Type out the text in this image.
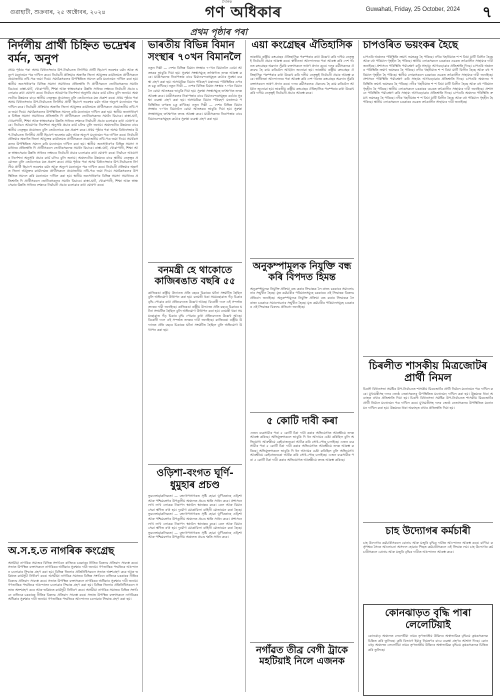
গুৱাহাটী, শুক্ৰবাৰ, ২৫ অক্টোবৰ, ২০২৪
দৈনিক
গণ অধিকাৰ	Guwahati, Friday, 25 October, 2024 ৭
প্ৰথম পৃষ্ঠাৰ পৰা
নিৰ্দলীয় প্ৰাৰ্থী চিহ্নিত ভদ্ৰেশ্বৰ বৰ্মন, অনুপ
প্ৰথম পৃষ্ঠাৰ পৰা অসম বিধানসভাৰ উপ-নিৰ্বাচনত নিৰ্দলীয় প্ৰাৰ্থী হিচাপে ভদ্ৰেশ্বৰ বৰ্মন আৰু অনুপে মনোনয়ন পত্ৰ দাখিল কৰে। নিৰ্বাচনী প্ৰক্ৰিয়াৰ অন্তৰ্গত জিলা আয়ুক্তৰ কাৰ্যালয়ত প্ৰাৰ্থীসকলে প্ৰয়োজনীয় নথি-পত্ৰ জমা দিয়ে। সমৰ্থকসকলৰ উপস্থিতিত সমদল কৰি মনোনয়ন দাখিল কৰা হয়। স্থানীয় জনসাধাৰণৰ বিভিন্ন সমস্যা সমাধানৰ প্ৰতিশ্ৰুতি দি প্ৰাৰ্থীসকলে ভোটাৰসকলৰ সমৰ্থন বিচাৰে। ৰাস্তা-ঘাট, খোৱাপানী, শিক্ষা আৰু স্বাস্থ্যসেৱাৰ উন্নতি সাধনৰ লক্ষ্যৰে নিৰ্বাচনী প্ৰচাৰ চলোৱাৰ কথা ঘোষণা কৰে। নিৰ্বাচন আয়োগৰ নিৰ্দেশনা অনুসৰি প্ৰচাৰ কাৰ্য চলিব বুলি জনায়। অঞ্চলটোৰ উন্নয়নৰ বাবে স্থানীয় নেতৃত্বৰ প্ৰয়োজন বুলি তেওঁলোকে মত প্ৰকাশ কৰে। প্ৰথম পৃষ্ঠাৰ পৰা অসম বিধানসভাৰ উপ-নিৰ্বাচনত নিৰ্দলীয় প্ৰাৰ্থী হিচাপে ভদ্ৰেশ্বৰ বৰ্মন আৰু অনুপে মনোনয়ন পত্ৰ দাখিল কৰে। নিৰ্বাচনী প্ৰক্ৰিয়াৰ অন্তৰ্গত জিলা আয়ুক্তৰ কাৰ্যালয়ত প্ৰাৰ্থীসকলে প্ৰয়োজনীয় নথি-পত্ৰ জমা দিয়ে। সমৰ্থকসকলৰ উপস্থিতিত সমদল কৰি মনোনয়ন দাখিল কৰা হয়। স্থানীয় জনসাধাৰণৰ বিভিন্ন সমস্যা সমাধানৰ প্ৰতিশ্ৰুতি দি প্ৰাৰ্থীসকলে ভোটাৰসকলৰ সমৰ্থন বিচাৰে। ৰাস্তা-ঘাট, খোৱাপানী, শিক্ষা আৰু স্বাস্থ্যসেৱাৰ উন্নতি সাধনৰ লক্ষ্যৰে নিৰ্বাচনী প্ৰচাৰ চলোৱাৰ কথা ঘোষণা কৰে। নিৰ্বাচন আয়োগৰ নিৰ্দেশনা অনুসৰি প্ৰচাৰ কাৰ্য চলিব বুলি জনায়। অঞ্চলটোৰ উন্নয়নৰ বাবে স্থানীয় নেতৃত্বৰ প্ৰয়োজন বুলি তেওঁলোকে মত প্ৰকাশ কৰে। প্ৰথম পৃষ্ঠাৰ পৰা অসম বিধানসভাৰ উপ-নিৰ্বাচনত নিৰ্দলীয় প্ৰাৰ্থী হিচাপে ভদ্ৰেশ্বৰ বৰ্মন আৰু অনুপে মনোনয়ন পত্ৰ দাখিল কৰে। নিৰ্বাচনী প্ৰক্ৰিয়াৰ অন্তৰ্গত জিলা আয়ুক্তৰ কাৰ্যালয়ত প্ৰাৰ্থীসকলে প্ৰয়োজনীয় নথি-পত্ৰ জমা দিয়ে। সমৰ্থকসকলৰ উপস্থিতিত সমদল কৰি মনোনয়ন দাখিল কৰা হয়। স্থানীয় জনসাধাৰণৰ বিভিন্ন সমস্যা সমাধানৰ প্ৰতিশ্ৰুতি দি প্ৰাৰ্থীসকলে ভোটাৰসকলৰ সমৰ্থন বিচাৰে। ৰাস্তা-ঘাট, খোৱাপানী, শিক্ষা আৰু স্বাস্থ্যসেৱাৰ উন্নতি সাধনৰ লক্ষ্যৰে নিৰ্বাচনী প্ৰচাৰ চলোৱাৰ কথা ঘোষণা কৰে। নিৰ্বাচন আয়োগৰ নিৰ্দেশনা অনুসৰি প্ৰচাৰ কাৰ্য চলিব বুলি জনায়। অঞ্চলটোৰ উন্নয়নৰ বাবে স্থানীয় নেতৃত্বৰ প্ৰয়োজন বুলি তেওঁলোকে মত প্ৰকাশ কৰে। প্ৰথম পৃষ্ঠাৰ পৰা অসম বিধানসভাৰ উপ-নিৰ্বাচনত নিৰ্দলীয় প্ৰাৰ্থী হিচাপে ভদ্ৰেশ্বৰ বৰ্মন আৰু অনুপে মনোনয়ন পত্ৰ দাখিল কৰে। নিৰ্বাচনী প্ৰক্ৰিয়াৰ অন্তৰ্গত জিলা আয়ুক্তৰ কাৰ্যালয়ত প্ৰাৰ্থীসকলে প্ৰয়োজনীয় নথি-পত্ৰ জমা দিয়ে। সমৰ্থকসকলৰ উপস্থিতিত সমদল কৰি মনোনয়ন দাখিল কৰা হয়। স্থানীয় জনসাধাৰণৰ বিভিন্ন সমস্যা সমাধানৰ প্ৰতিশ্ৰুতি দি প্ৰাৰ্থীসকলে ভোটাৰসকলৰ সমৰ্থন বিচাৰে। ৰাস্তা-ঘাট, খোৱাপানী, শিক্ষা আৰু স্বাস্থ্যসেৱাৰ উন্নতি সাধনৰ লক্ষ্যৰে নিৰ্বাচনী প্ৰচাৰ চলোৱাৰ কথা ঘোষণা কৰে।
অ.স.হ.ত নাগৰিক কংগ্ৰেছ
অসমীয়া নাগৰিক সমাজৰ বিভিন্ন সংগঠনে ৰাজ্যিক চৰকাৰৰ নীতিৰ বিৰুদ্ধে প্ৰতিবাদ সাব্যস্ত কৰে। সভাত উপস্থিত বক্তাসকলে নাগৰিকৰ অধিকাৰ সুৰক্ষাৰ দাবী জনায়। গণতান্ত্ৰিক পদ্ধতিৰে আন্দোলন চলোৱাৰ সিদ্ধান্ত গ্ৰহণ কৰা হয়। বিভিন্ন জিলাৰ প্ৰতিনিধিসকলে সভাত অংশগ্ৰহণ কৰে আৰু ভৱিষ্যত কাৰ্যসূচী নিৰ্ধাৰণ কৰে। অসমীয়া নাগৰিক সমাজৰ বিভিন্ন সংগঠনে ৰাজ্যিক চৰকাৰৰ নীতিৰ বিৰুদ্ধে প্ৰতিবাদ সাব্যস্ত কৰে। সভাত উপস্থিত বক্তাসকলে নাগৰিকৰ অধিকাৰ সুৰক্ষাৰ দাবী জনায়। গণতান্ত্ৰিক পদ্ধতিৰে আন্দোলন চলোৱাৰ সিদ্ধান্ত গ্ৰহণ কৰা হয়। বিভিন্ন জিলাৰ প্ৰতিনিধিসকলে সভাত অংশগ্ৰহণ কৰে আৰু ভৱিষ্যত কাৰ্যসূচী নিৰ্ধাৰণ কৰে। অসমীয়া নাগৰিক সমাজৰ বিভিন্ন সংগঠনে ৰাজ্যিক চৰকাৰৰ নীতিৰ বিৰুদ্ধে প্ৰতিবাদ সাব্যস্ত কৰে। সভাত উপস্থিত বক্তাসকলে নাগৰিকৰ অধিকাৰ সুৰক্ষাৰ দাবী জনায়। গণতান্ত্ৰিক পদ্ধতিৰে আন্দোলন চলোৱাৰ সিদ্ধান্ত গ্ৰহণ কৰা হয়।
ভাৰতীয় বিভিন্ন বিমান সংস্থাৰ ৭০খন বিমানলৈ
নতুন দিল্লী — দেশৰ বিভিন্ন বিমান সংস্থাৰ ৭০খন বিমানলৈ বোমা আতংকৰ ভাবুকি দিয়া হয়। সুৰক্ষা সংস্থাসমূহে তৎক্ষণাত তদন্ত আৰম্ভ কৰে। যাত্ৰীসকলৰ নিৰাপত্তাৰ বাবে বিমানবন্দৰসমূহত কঠোৰ সুৰক্ষা ব্যৱস্থা গ্ৰহণ কৰা হয়। অসামৰিক বিমান পৰিবহণ মন্ত্ৰালয়ে পৰিস্থিতিৰ ওপৰত চকু ৰাখিছে। নতুন দিল্লী — দেশৰ বিভিন্ন বিমান সংস্থাৰ ৭০খন বিমানলৈ বোমা আতংকৰ ভাবুকি দিয়া হয়। সুৰক্ষা সংস্থাসমূহে তৎক্ষণাত তদন্ত আৰম্ভ কৰে। যাত্ৰীসকলৰ নিৰাপত্তাৰ বাবে বিমানবন্দৰসমূহত কঠোৰ সুৰক্ষা ব্যৱস্থা গ্ৰহণ কৰা হয়। অসামৰিক বিমান পৰিবহণ মন্ত্ৰালয়ে পৰিস্থিতিৰ ওপৰত চকু ৰাখিছে। নতুন দিল্লী — দেশৰ বিভিন্ন বিমান সংস্থাৰ ৭০খন বিমানলৈ বোমা আতংকৰ ভাবুকি দিয়া হয়। সুৰক্ষা সংস্থাসমূহে তৎক্ষণাত তদন্ত আৰম্ভ কৰে। যাত্ৰীসকলৰ নিৰাপত্তাৰ বাবে বিমানবন্দৰসমূহত কঠোৰ সুৰক্ষা ব্যৱস্থা গ্ৰহণ কৰা হয়।
বনমন্ত্ৰী হে থাকোতে কাজিৰঙাত বছৰি ৫৫
কাজিৰঙা ৰাষ্ট্ৰীয় উদ্যানত প্ৰতি বছৰে চিকাৰৰ ঘটনা সংঘটিত হৈছিল বুলি অভিযোগ উত্থাপন কৰা হয়। বনমন্ত্ৰী থকা সময়ছোৱাত গঁড় চিকাৰ বৃদ্ধি পোৱাৰ কথা প্ৰতিবেদনত উল্লেখ আছে। বিৰোধী দলে এই সন্দৰ্ভত তদন্তৰ দাবী জনাইছে। কাজিৰঙা ৰাষ্ট্ৰীয় উদ্যানত প্ৰতি বছৰে চিকাৰৰ ঘটনা সংঘটিত হৈছিল বুলি অভিযোগ উত্থাপন কৰা হয়। বনমন্ত্ৰী থকা সময়ছোৱাত গঁড় চিকাৰ বৃদ্ধি পোৱাৰ কথা প্ৰতিবেদনত উল্লেখ আছে। বিৰোধী দলে এই সন্দৰ্ভত তদন্তৰ দাবী জনাইছে। কাজিৰঙা ৰাষ্ট্ৰীয় উদ্যানত প্ৰতি বছৰে চিকাৰৰ ঘটনা সংঘটিত হৈছিল বুলি অভিযোগ উত্থাপন কৰা হয়।
ওড়িশা-বংগত ঘূৰ্ণি-ধুমুহাৰ প্ৰচণ্ড
ভুবনেশ্বৰ/কলিকতা — বংগোপসাগৰত সৃষ্টি হোৱা ঘূৰ্ণিবতাহে ওড়িশা আৰু পশ্চিমবংগৰ উপকূলীয় অঞ্চলত প্ৰচণ্ড ক্ষতি সাধন কৰে। প্ৰশাসনে লাখ লাখ লোকক নিৰাপদ স্থানলৈ স্থানান্তৰ কৰে। ৰেল আৰু বিমান সেৱা স্থগিত ৰখা হয়। দুৰ্যোগ মোকাবিলা বাহিনী মোতায়েন কৰা হৈছে। ভুবনেশ্বৰ/কলিকতা — বংগোপসাগৰত সৃষ্টি হোৱা ঘূৰ্ণিবতাহে ওড়িশা আৰু পশ্চিমবংগৰ উপকূলীয় অঞ্চলত প্ৰচণ্ড ক্ষতি সাধন কৰে। প্ৰশাসনে লাখ লাখ লোকক নিৰাপদ স্থানলৈ স্থানান্তৰ কৰে। ৰেল আৰু বিমান সেৱা স্থগিত ৰখা হয়। দুৰ্যোগ মোকাবিলা বাহিনী মোতায়েন কৰা হৈছে। ভুবনেশ্বৰ/কলিকতা — বংগোপসাগৰত সৃষ্টি হোৱা ঘূৰ্ণিবতাহে ওড়িশা আৰু পশ্চিমবংগৰ উপকূলীয় অঞ্চলত প্ৰচণ্ড ক্ষতি সাধন কৰে।
এয়া কংগ্ৰেছৰ ঐতিহাসিক
ভাৰতীয় ৰাষ্ট্ৰীয় কংগ্ৰেছৰ ঐতিহাসিক পৰম্পৰাৰ কথা উল্লেখ কৰি দলীয় নেতৃত্বই নিৰ্বাচনী প্ৰচাৰ আৰম্ভ কৰে। স্বাধীনতা আন্দোলনৰ পৰা আৰম্ভ কৰি দেশ গঠনত কংগ্ৰেছৰ অৱদান সুঁৱৰি বক্তাসকলে ভাষণ প্ৰদান কৰে। দলৰ কৰ্মীসকলক ঐক্যবদ্ধ হৈ কাম কৰিবলৈ আহ্বান জনোৱা হয়। ভাৰতীয় ৰাষ্ট্ৰীয় কংগ্ৰেছৰ ঐতিহাসিক পৰম্পৰাৰ কথা উল্লেখ কৰি দলীয় নেতৃত্বই নিৰ্বাচনী প্ৰচাৰ আৰম্ভ কৰে। স্বাধীনতা আন্দোলনৰ পৰা আৰম্ভ কৰি দেশ গঠনত কংগ্ৰেছৰ অৱদান সুঁৱৰি বক্তাসকলে ভাষণ প্ৰদান কৰে। দলৰ কৰ্মীসকলক ঐক্যবদ্ধ হৈ কাম কৰিবলৈ আহ্বান জনোৱা হয়। ভাৰতীয় ৰাষ্ট্ৰীয় কংগ্ৰেছৰ ঐতিহাসিক পৰম্পৰাৰ কথা উল্লেখ কৰি দলীয় নেতৃত্বই নিৰ্বাচনী প্ৰচাৰ আৰম্ভ কৰে।
অনুকম্পামূলক নিযুক্তি বন্ধ কৰি বিপদত হিমন্ত
অনুকম্পামূলক নিযুক্তি প্ৰক্ৰিয়া বন্ধ কৰাৰ সিদ্ধান্তক লৈ ৰাজ্য চৰকাৰে সমালোচনাৰ সন্মুখীন হৈছে। মৃত কৰ্মচাৰীৰ পৰিয়ালসমূহে চৰকাৰৰ এই সিদ্ধান্তৰ বিৰুদ্ধে প্ৰতিবাদ জনাইছে। অনুকম্পামূলক নিযুক্তি প্ৰক্ৰিয়া বন্ধ কৰাৰ সিদ্ধান্তক লৈ ৰাজ্য চৰকাৰে সমালোচনাৰ সন্মুখীন হৈছে। মৃত কৰ্মচাৰীৰ পৰিয়ালসমূহে চৰকাৰৰ এই সিদ্ধান্তৰ বিৰুদ্ধে প্ৰতিবাদ জনাইছে।
৫ কোটি দাবী কৰা
এজন ব্যৱসায়ীৰ পৰা ৫ কোটি টকা দাবী কৰাৰ অভিযোগত আৰক্ষীয়ে তদন্ত আৰম্ভ কৰিছে। অভিযুক্তসকলে ভাবুকি দি ধন আদায়ৰ চেষ্টা কৰিছিল বুলি অভিযোগ। আৰক্ষীয়ে কেইবাজনকো আটক কৰি সোধ-পোছ চলাইছে। এজন ব্যৱসায়ীৰ পৰা ৫ কোটি টকা দাবী কৰাৰ অভিযোগত আৰক্ষীয়ে তদন্ত আৰম্ভ কৰিছে। অভিযুক্তসকলে ভাবুকি দি ধন আদায়ৰ চেষ্টা কৰিছিল বুলি অভিযোগ। আৰক্ষীয়ে কেইবাজনকো আটক কৰি সোধ-পোছ চলাইছে। এজন ব্যৱসায়ীৰ পৰা ৫ কোটি টকা দাবী কৰাৰ অভিযোগত আৰক্ষীয়ে তদন্ত আৰম্ভ কৰিছে।
নগাঁৱত তীব্ৰ বেগী ট্ৰাকে মহটিয়াই নিলে এজনক
চাপওৰিত ভয়ংকৰ হৈছে
চাপওৰি অঞ্চলৰ পৰিস্থিতি ক্ৰমাৎ ভয়ংকৰ হৈ পৰিছে। নদীৰ খহনীয়াত শ শ বিঘা মাটি বিলীন হৈছে আৰু বহু পৰিয়াল গৃহহীন হৈ পৰিছে। স্থানীয় লোকসকলে চৰকাৰৰ ওচৰত তৎকালীন সাহায্যৰ দাবী জনাইছে। প্ৰশাসনে পৰিস্থিতি পৰ্যবেক্ষণ কৰি সাহায্য আগবঢ়োৱাৰ প্ৰতিশ্ৰুতি দিছে। চাপওৰি অঞ্চলৰ পৰিস্থিতি ক্ৰমাৎ ভয়ংকৰ হৈ পৰিছে। নদীৰ খহনীয়াত শ শ বিঘা মাটি বিলীন হৈছে আৰু বহু পৰিয়াল গৃহহীন হৈ পৰিছে। স্থানীয় লোকসকলে চৰকাৰৰ ওচৰত তৎকালীন সাহায্যৰ দাবী জনাইছে। প্ৰশাসনে পৰিস্থিতি পৰ্যবেক্ষণ কৰি সাহায্য আগবঢ়োৱাৰ প্ৰতিশ্ৰুতি দিছে। চাপওৰি অঞ্চলৰ পৰিস্থিতি ক্ৰমাৎ ভয়ংকৰ হৈ পৰিছে। নদীৰ খহনীয়াত শ শ বিঘা মাটি বিলীন হৈছে আৰু বহু পৰিয়াল গৃহহীন হৈ পৰিছে। স্থানীয় লোকসকলে চৰকাৰৰ ওচৰত তৎকালীন সাহায্যৰ দাবী জনাইছে। প্ৰশাসনে পৰিস্থিতি পৰ্যবেক্ষণ কৰি সাহায্য আগবঢ়োৱাৰ প্ৰতিশ্ৰুতি দিছে। চাপওৰি অঞ্চলৰ পৰিস্থিতি ক্ৰমাৎ ভয়ংকৰ হৈ পৰিছে। নদীৰ খহনীয়াত শ শ বিঘা মাটি বিলীন হৈছে আৰু বহু পৰিয়াল গৃহহীন হৈ পৰিছে। স্থানীয় লোকসকলে চৰকাৰৰ ওচৰত তৎকালীন সাহায্যৰ দাবী জনাইছে।
চিৰলীত শাসকীয় মিত্ৰজোটৰ প্ৰাৰ্থী নিমল
চিৰলী বিধানসভা সমষ্টিৰ উপ-নিৰ্বাচনত শাসকীয় মিত্ৰজোটৰ প্ৰাৰ্থী নিৰ্মলে মনোনয়ন পত্ৰ দাখিল কৰে। মুখ্যমন্ত্ৰীসহ দলৰ জ্যেষ্ঠ নেতাসকলৰ উপস্থিতিত মনোনয়ন দাখিল কৰা হয়। উন্নয়নৰ ধাৰা অব্যাহত ৰখাৰ প্ৰতিশ্ৰুতি দিয়া হয়। চিৰলী বিধানসভা সমষ্টিৰ উপ-নিৰ্বাচনত শাসকীয় মিত্ৰজোটৰ প্ৰাৰ্থী নিৰ্মলে মনোনয়ন পত্ৰ দাখিল কৰে। মুখ্যমন্ত্ৰীসহ দলৰ জ্যেষ্ঠ নেতাসকলৰ উপস্থিতিত মনোনয়ন দাখিল কৰা হয়। উন্নয়নৰ ধাৰা অব্যাহত ৰখাৰ প্ৰতিশ্ৰুতি দিয়া হয়।
চাহ উদ্যোগৰ কৰ্মচাৰী
চাহ উদ্যোগৰ কৰ্মচাৰীসকলে বোনাচ আৰু মজুৰি বৃদ্ধিৰ দাবীত আন্দোলন আৰম্ভ কৰে। বাগিচা কৰ্তৃপক্ষৰ সৈতে আলোচনা অসফল হোৱাৰ পিছত কৰ্মচাৰীসকলে এই সিদ্ধান্ত লয়। চাহ উদ্যোগৰ কৰ্মচাৰীসকলে বোনাচ আৰু মজুৰি বৃদ্ধিৰ দাবীত আন্দোলন আৰম্ভ কৰে।
কোনঝাড়ত বৃদ্ধি পাৰা লেলেটিয়াই
কোনঝাড় অঞ্চলত লেলেটিয়া নামৰ তৃণজাতীয় উদ্ভিদৰ অস্বাভাৱিক বৃদ্ধিয়ে কৃষকসকলক চিন্তিত কৰি তুলিছে। কৃষি বিভাগে ইয়াৰ নিয়ন্ত্ৰণৰ বাবে ব্যৱস্থা গ্ৰহণৰ আশ্বাস দিছে। কোনঝাড় অঞ্চলত লেলেটিয়া নামৰ তৃণজাতীয় উদ্ভিদৰ অস্বাভাৱিক বৃদ্ধিয়ে কৃষকসকলক চিন্তিত কৰি তুলিছে।
